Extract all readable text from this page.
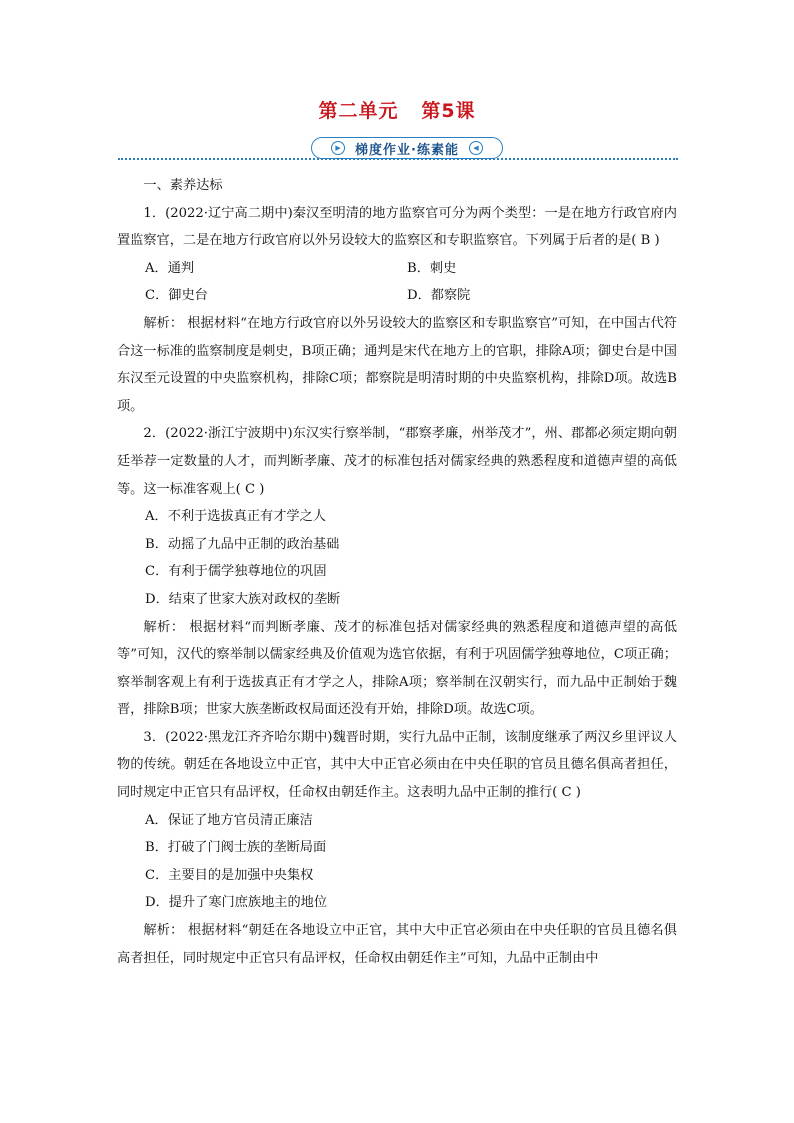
第二单元 第5课
▶	梯度作业·练素能	◀

一、素养达标

1．(2022·辽宁高二期中)秦汉至明清的地方监察官可分为两个类型：一是在地方行政官府内置监察官，二是在地方行政官府以外另设较大的监察区和专职监察官。下列属于后者的是( B )

A．通判	B．刺史
C．御史台	D．都察院

解析： 根据材料“在地方行政官府以外另设较大的监察区和专职监察官”可知，在中国古代符合这一标准的监察制度是刺史，B项正确；通判是宋代在地方上的官职，排除A项；御史台是中国东汉至元设置的中央监察机构，排除C项；都察院是明清时期的中央监察机构，排除D项。故选B项。

2．(2022·浙江宁波期中)东汉实行察举制，“郡察孝廉，州举茂才”，州、郡都必须定期向朝廷举荐一定数量的人才，而判断孝廉、茂才的标准包括对儒家经典的熟悉程度和道德声望的高低等。这一标准客观上( C )

A．不利于选拔真正有才学之人

B．动摇了九品中正制的政治基础

C．有利于儒学独尊地位的巩固

D．结束了世家大族对政权的垄断

解析： 根据材料“而判断孝廉、茂才的标准包括对儒家经典的熟悉程度和道德声望的高低等”可知，汉代的察举制以儒家经典及价值观为选官依据，有利于巩固儒学独尊地位，C项正确；察举制客观上有利于选拔真正有才学之人，排除A项；察举制在汉朝实行，而九品中正制始于魏晋，排除B项；世家大族垄断政权局面还没有开始，排除D项。故选C项。

3．(2022·黑龙江齐齐哈尔期中)魏晋时期，实行九品中正制，该制度继承了两汉乡里评议人物的传统。朝廷在各地设立中正官，其中大中正官必须由在中央任职的官员且德名俱高者担任，同时规定中正官只有品评权，任命权由朝廷作主。这表明九品中正制的推行( C )

A．保证了地方官员清正廉洁

B．打破了门阀士族的垄断局面

C．主要目的是加强中央集权

D．提升了寒门庶族地主的地位

解析： 根据材料“朝廷在各地设立中正官，其中大中正官必须由在中央任职的官员且德名俱高者担任，同时规定中正官只有品评权，任命权由朝廷作主”可知，九品中正制由中
